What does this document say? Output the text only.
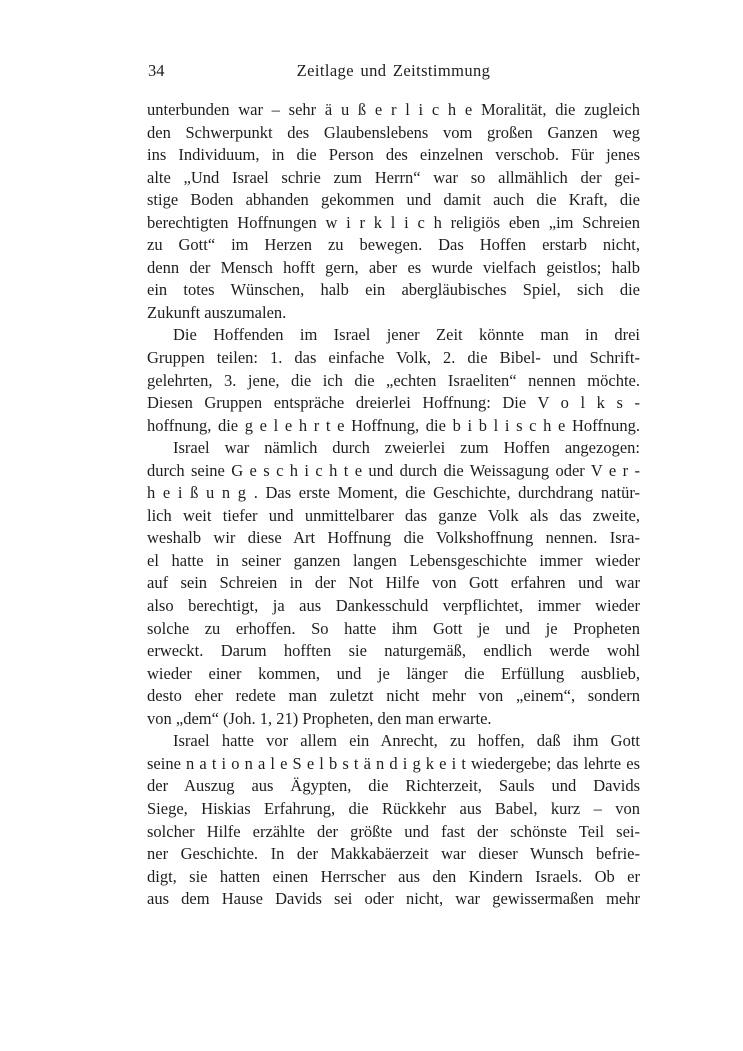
34	Zeitlage und Zeitstimmung
unterbunden war – sehr ä u ß e r l i c h e Moralität, die zugleich
den Schwerpunkt des Glaubenslebens vom großen Ganzen weg
ins Individuum, in die Person des einzelnen verschob. Für jenes
alte „Und Israel schrie zum Herrn“ war so allmählich der gei-
stige Boden abhanden gekommen und damit auch die Kraft, die
berechtigten Hoffnungen w i r k l i c h religiös eben „im Schreien
zu Gott“ im Herzen zu bewegen. Das Hoffen erstarb nicht,
denn der Mensch hofft gern, aber es wurde vielfach geistlos; halb
ein totes Wünschen, halb ein abergläubisches Spiel, sich die
Zukunft auszumalen.
Die Hoffenden im Israel jener Zeit könnte man in drei
Gruppen teilen: 1. das einfache Volk, 2. die Bibel- und Schrift-
gelehrten, 3. jene, die ich die „echten Israeliten“ nennen möchte.
Diesen Gruppen entspräche dreierlei Hoffnung: Die V o l k s -
hoffnung, die g e l e h r t e Hoffnung, die b i b l i s c h e Hoffnung.
Israel war nämlich durch zweierlei zum Hoffen angezogen:
durch seine G e s c h i c h t e und durch die Weissagung oder V e r -
h e i ß u n g . Das erste Moment, die Geschichte, durchdrang natür-
lich weit tiefer und unmittelbarer das ganze Volk als das zweite,
weshalb wir diese Art Hoffnung die Volkshoffnung nennen. Isra-
el hatte in seiner ganzen langen Lebensgeschichte immer wieder
auf sein Schreien in der Not Hilfe von Gott erfahren und war
also berechtigt, ja aus Dankesschuld verpflichtet, immer wieder
solche zu erhoffen. So hatte ihm Gott je und je Propheten
erweckt. Darum hofften sie naturgemäß, endlich werde wohl
wieder einer kommen, und je länger die Erfüllung ausblieb,
desto eher redete man zuletzt nicht mehr von „einem“, sondern
von „dem“ (Joh. 1, 21) Propheten, den man erwarte.
Israel hatte vor allem ein Anrecht, zu hoffen, daß ihm Gott
seine n a t i o n a l e S e l b s t ä n d i g k e i t wiedergebe; das lehrte es
der Auszug aus Ägypten, die Richterzeit, Sauls und Davids
Siege, Hiskias Erfahrung, die Rückkehr aus Babel, kurz – von
solcher Hilfe erzählte der größte und fast der schönste Teil sei-
ner Geschichte. In der Makkabäerzeit war dieser Wunsch befrie-
digt, sie hatten einen Herrscher aus den Kindern Israels. Ob er
aus dem Hause Davids sei oder nicht, war gewissermaßen mehr
